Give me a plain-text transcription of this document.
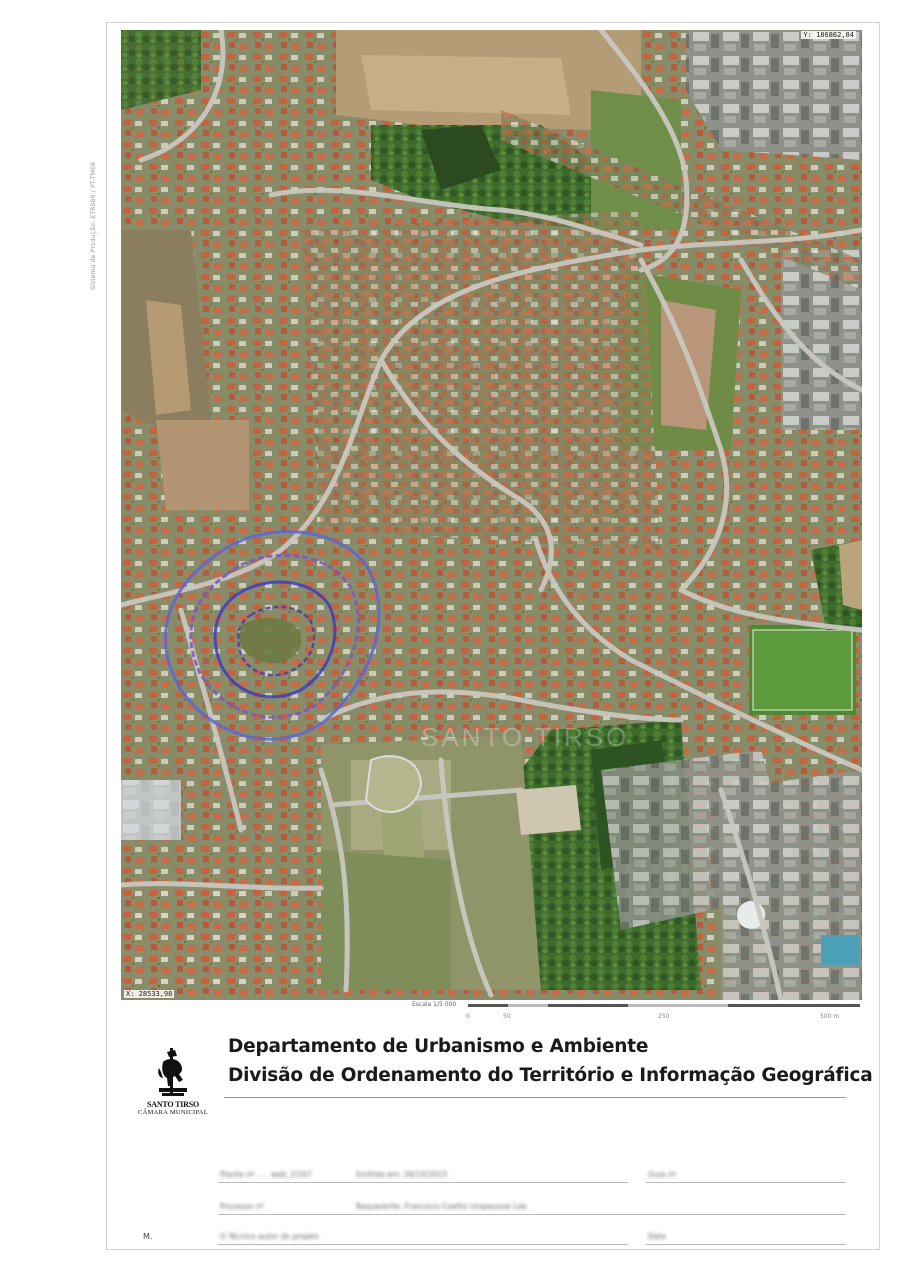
Sistema de Produção: ETRS89 / PT-TM06
Y: 186862,84
X: 28533,98
SANTO TIRSO
Escala 1/5 000
0	50	250	500 m
SANTO TIRSO
CÂMARA MUNICIPAL
Departamento de Urbanismo e Ambiente
Divisão de Ordenamento do Território e Informação Geográfica
Planta nº ..... web_2/107	Emitida em: 26/10/2023	Guia nº
Processo nº	Requerente: Francisco Coelho Unipessoal Lda
O Técnico autor do projeto	Data
M.
